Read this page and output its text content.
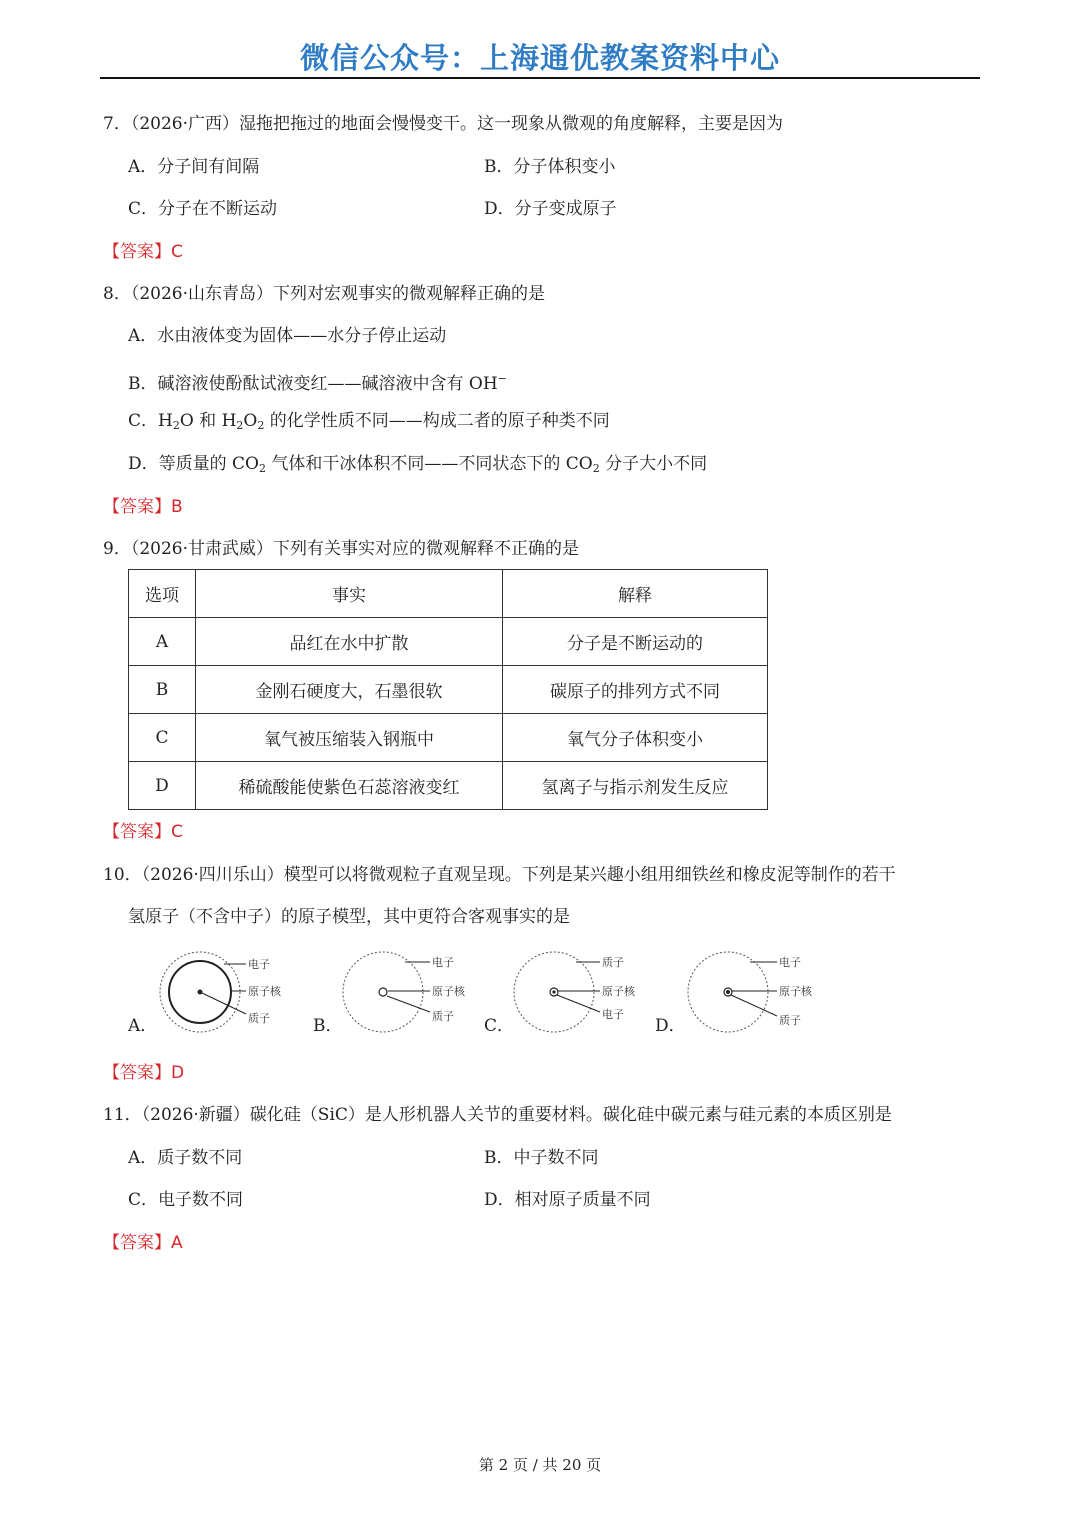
微信公众号：上海通优教案资料中心
7．（2026·广西）湿拖把拖过的地面会慢慢变干。这一现象从微观的角度解释，主要是因为
A．分子间有间隔	B．分子体积变小
C．分子在不断运动	D．分子变成原子
【答案】C
8．（2026·山东青岛）下列对宏观事实的微观解释正确的是
A．水由液体变为固体——水分子停止运动
B．碱溶液使酚酞试液变红——碱溶液中含有 OH−
C．$H_2O$ 和 $H_2O_2$ 的化学性质不同——构成二者的原子种类不同
D．等质量的 $CO_2$ 气体和干冰体积不同——不同状态下的 $CO_2$ 分子大小不同
【答案】B
9．（2026·甘肃武威）下列有关事实对应的微观解释不正确的是
选项	事实	解释
A	品红在水中扩散	分子是不断运动的
B	金刚石硬度大，石墨很软	碳原子的排列方式不同
C	氧气被压缩装入钢瓶中	氧气分子体积变小
D	稀硫酸能使紫色石蕊溶液变红	氢离子与指示剂发生反应
【答案】C
10．（2026·四川乐山）模型可以将微观粒子直观呈现。下列是某兴趣小组用细铁丝和橡皮泥等制作的若干
氢原子（不含中子）的原子模型，其中更符合客观事实的是
电子
原子核
质子
电子
原子核
质子
质子
原子核
电子
电子
原子核
质子
A．	B．	C．	D．
【答案】D
11．（2026·新疆）碳化硅（SiC）是人形机器人关节的重要材料。碳化硅中碳元素与硅元素的本质区别是
A．质子数不同	B．中子数不同
C．电子数不同	D．相对原子质量不同
【答案】A
第 2 页 / 共 20 页
